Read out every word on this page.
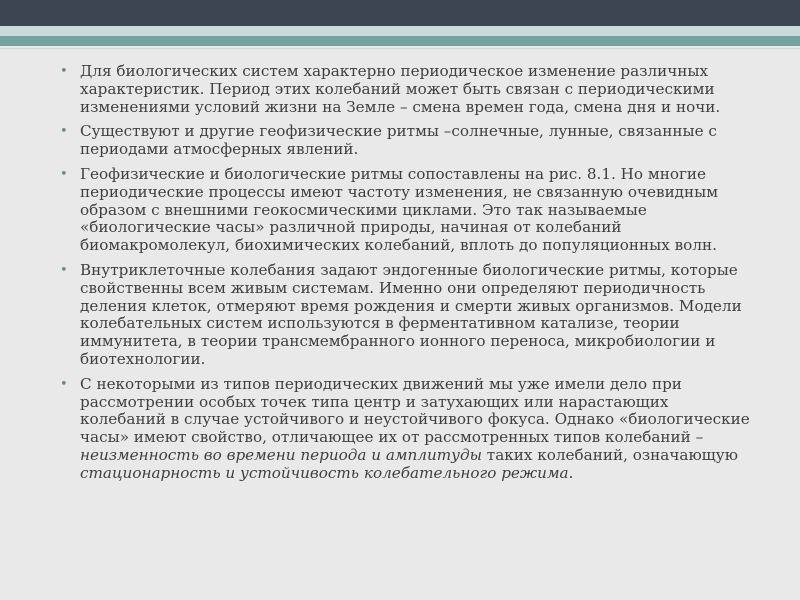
• Для биологических систем характерно периодическое изменение различных характеристик. Период этих колебаний может быть связан с периодическими изменениями условий жизни на Земле – смена времен года, смена дня и ночи.
• Существуют и другие геофизические ритмы –солнечные, лунные, связанные с периодами атмосферных явлений.
• Геофизические и биологические ритмы сопоставлены на рис. 8.1. Но многие периодические процессы имеют частоту изменения, не связанную очевидным образом с внешними геокосмическими циклами. Это так называемые «биологические часы» различной природы, начиная от колебаний биомакромолекул, биохимических колебаний, вплоть до популяционных волн.
• Внутриклеточные колебания задают эндогенные биологические ритмы, которые свойственны всем живым системам. Именно они определяют периодичность деления клеток, отмеряют время рождения и смерти живых организмов. Модели колебательных систем используются в ферментативном катализе, теории иммунитета, в теории трансмембранного ионного переноса, микробиологии и биотехнологии.
• С некоторыми из типов периодических движений мы уже имели дело при рассмотрении особых точек типа центр и затухающих или нарастающих колебаний в случае устойчивого и неустойчивого фокуса. Однако «биологические часы» имеют свойство, отличающее их от рассмотренных типов колебаний – неизменность во времени периода и амплитуды таких колебаний, означающую стационарность и устойчивость колебательного режима.
